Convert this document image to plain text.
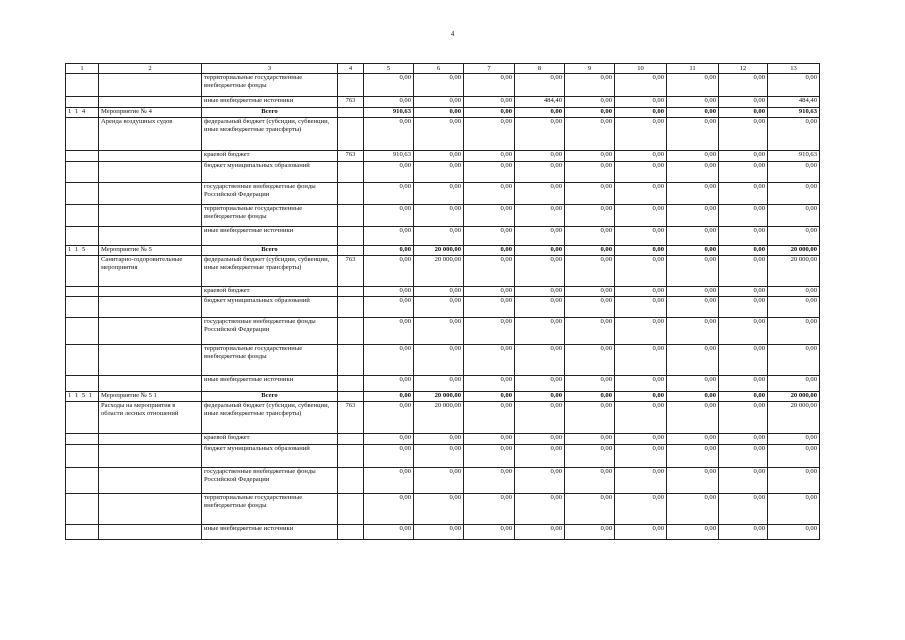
4
1	2	3	4	5	6	7	8	9	10	11	12	13
		территориальные государственные внебюджетные фонды		0,00	0,00	0,00	0,00	0,00	0,00	0,00	0,00	0,00
		иные внебюджетные источники	763	0,00	0,00	0,00	484,40	0,00	0,00	0,00	0,00	484,40
1 1 4	Мероприятие № 4	Всего		910,63	0,00	0,00	0,00	0,00	0,00	0,00	0,00	910,63
	Аренда воздушных судов	федеральный бюджет (субсидии, субвенции, иные межбюджетные трансферты)		0,00	0,00	0,00	0,00	0,00	0,00	0,00	0,00	0,00
		краевой бюджет	763	910,63	0,00	0,00	0,00	0,00	0,00	0,00	0,00	910,63
		бюджет муниципальных образований		0,00	0,00	0,00	0,00	0,00	0,00	0,00	0,00	0,00
		государственные внебюджетные фонды Российской Федерации		0,00	0,00	0,00	0,00	0,00	0,00	0,00	0,00	0,00
		территориальные государственные внебюджетные фонды		0,00	0,00	0,00	0,00	0,00	0,00	0,00	0,00	0,00
		иные внебюджетные источники		0,00	0,00	0,00	0,00	0,00	0,00	0,00	0,00	0,00
1 1 5	Мероприятие № 5	Всего		0,00	20 000,00	0,00	0,00	0,00	0,00	0,00	0,00	20 000,00
	Санитарно-оздоровительные мероприятия	федеральный бюджет (субсидии, субвенции, иные межбюджетные трансферты)	763	0,00	20 000,00	0,00	0,00	0,00	0,00	0,00	0,00	20 000,00
		краевой бюджет		0,00	0,00	0,00	0,00	0,00	0,00	0,00	0,00	0,00
		бюджет муниципальных образований		0,00	0,00	0,00	0,00	0,00	0,00	0,00	0,00	0,00
		государственные внебюджетные фонды Российской Федерации		0,00	0,00	0,00	0,00	0,00	0,00	0,00	0,00	0,00
		территориальные государственные внебюджетные фонды		0,00	0,00	0,00	0,00	0,00	0,00	0,00	0,00	0,00
		иные внебюджетные источники		0,00	0,00	0,00	0,00	0,00	0,00	0,00	0,00	0,00
1 1 5 1	Мероприятие № 5 1	Всего		0,00	20 000,00	0,00	0,00	0,00	0,00	0,00	0,00	20 000,00
	Расходы на мероприятия в области лесных отношений	федеральный бюджет (субсидии, субвенции, иные межбюджетные трансферты)	763	0,00	20 000,00	0,00	0,00	0,00	0,00	0,00	0,00	20 000,00
		краевой бюджет		0,00	0,00	0,00	0,00	0,00	0,00	0,00	0,00	0,00
		бюджет муниципальных образований		0,00	0,00	0,00	0,00	0,00	0,00	0,00	0,00	0,00
		государственные внебюджетные фонды Российской Федерации		0,00	0,00	0,00	0,00	0,00	0,00	0,00	0,00	0,00
		территориальные государственные внебюджетные фонды		0,00	0,00	0,00	0,00	0,00	0,00	0,00	0,00	0,00
		иные внебюджетные источники		0,00	0,00	0,00	0,00	0,00	0,00	0,00	0,00	0,00
